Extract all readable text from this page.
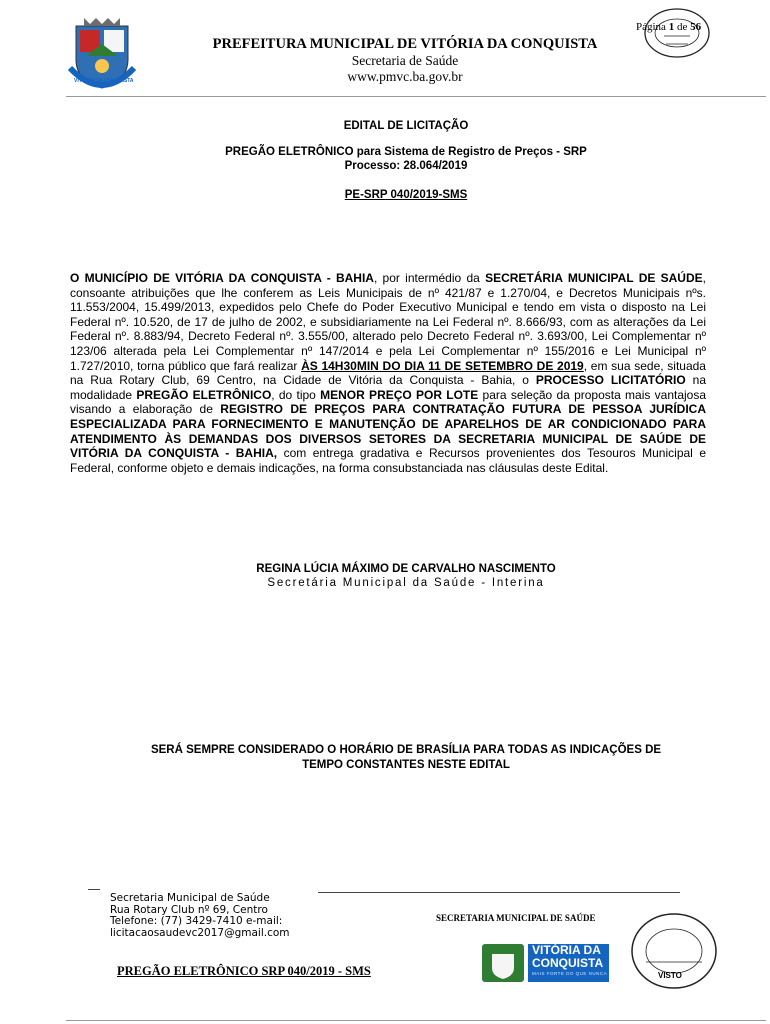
VITÓRIA DA CONQUISTA
PREFEITURA MUNICIPAL DE VITÓRIA DA CONQUISTA
Secretaria de Saúde
www.pmvc.ba.gov.br
Página 1 de 56
EDITAL DE LICITAÇÃO
PREGÃO ELETRÔNICO para Sistema de Registro de Preços - SRP
Processo: 28.064/2019
PE-SRP 040/2019-SMS
O MUNICÍPIO DE VITÓRIA DA CONQUISTA - BAHIA, por intermédio da SECRETÁRIA MUNICIPAL DE SAÚDE, consoante atribuições que lhe conferem as Leis Municipais de nº 421/87 e 1.270/04, e Decretos Municipais nºs. 11.553/2004, 15.499/2013, expedidos pelo Chefe do Poder Executivo Municipal e tendo em vista o disposto na Lei Federal nº. 10.520, de 17 de julho de 2002, e subsidiariamente na Lei Federal nº. 8.666/93, com as alterações da Lei Federal nº. 8.883/94, Decreto Federal nº. 3.555/00, alterado pelo Decreto Federal nº. 3.693/00, Lei Complementar nº 123/06 alterada pela Lei Complementar nº 147/2014 e pela Lei Complementar nº 155/2016 e Lei Municipal nº 1.727/2010, torna público que fará realizar ÀS 14H30MIN DO DIA 11 DE SETEMBRO DE 2019, em sua sede, situada na Rua Rotary Club, 69 Centro, na Cidade de Vitória da Conquista - Bahia, o PROCESSO LICITATÓRIO na modalidade PREGÃO ELETRÔNICO, do tipo MENOR PREÇO POR LOTE para seleção da proposta mais vantajosa visando a elaboração de REGISTRO DE PREÇOS PARA CONTRATAÇÃO FUTURA DE PESSOA JURÍDICA ESPECIALIZADA PARA FORNECIMENTO E MANUTENÇÃO DE APARELHOS DE AR CONDICIONADO PARA ATENDIMENTO ÀS DEMANDAS DOS DIVERSOS SETORES DA SECRETARIA MUNICIPAL DE SAÚDE DE VITÓRIA DA CONQUISTA - BAHIA, com entrega gradativa e Recursos provenientes dos Tesouros Municipal e Federal, conforme objeto e demais indicações, na forma consubstanciada nas cláusulas deste Edital.
REGINA LÚCIA MÁXIMO DE CARVALHO NASCIMENTO
Secretária Municipal da Saúde - Interina
SERÁ SEMPRE CONSIDERADO O HORÁRIO DE BRASÍLIA PARA TODAS AS INDICAÇÕES DE
TEMPO CONSTANTES NESTE EDITAL
Secretaria Municipal de Saúde
Rua Rotary Club nº 69, Centro
Telefone: (77) 3429-7410 e-mail:
licitacaosaudevc2017@gmail.com
SECRETARIA MUNICIPAL DE SAÚDE
PREGÃO ELETRÔNICO SRP 040/2019 - SMS
VITÓRIA DA
CONQUISTA
MAIS FORTE DO QUE NUNCA	VISTO
